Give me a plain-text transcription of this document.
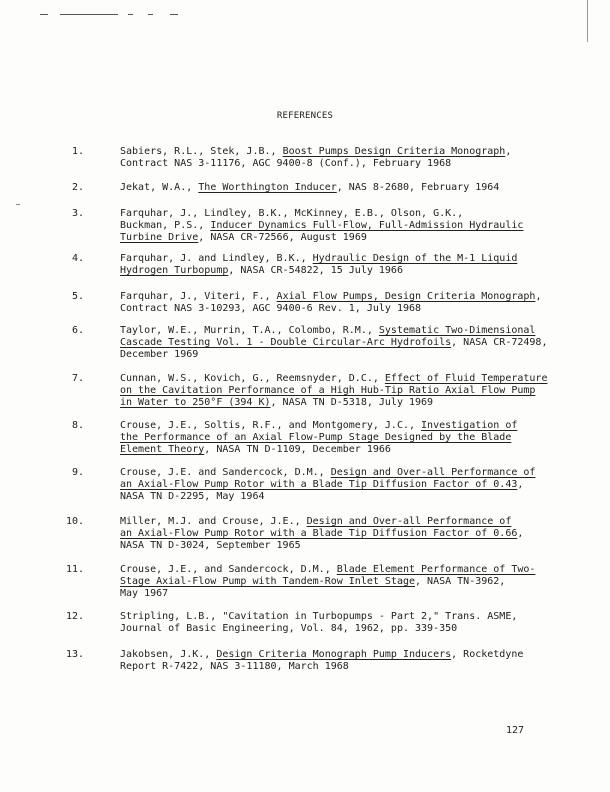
REFERENCES
1.	Sabiers, R.L., Stek, J.B., Boost Pumps Design Criteria Monograph,
Contract NAS 3-11176, AGC 9400-8 (Conf.), February 1968
2.	Jekat, W.A., The Worthington Inducer, NAS 8-2680, February 1964
3.	Farquhar, J., Lindley, B.K., McKinney, E.B., Olson, G.K.,
Buckman, P.S., Inducer Dynamics Full-Flow, Full-Admission Hydraulic
Turbine Drive, NASA CR-72566, August 1969
4.	Farquhar, J. and Lindley, B.K., Hydraulic Design of the M-1 Liquid
Hydrogen Turbopump, NASA CR-54822, 15 July 1966
5.	Farquhar, J., Viteri, F., Axial Flow Pumps, Design Criteria Monograph,
Contract NAS 3-10293, AGC 9400-6 Rev. 1, July 1968
6.	Taylor, W.E., Murrin, T.A., Colombo, R.M., Systematic Two-Dimensional
Cascade Testing Vol. 1 - Double Circular-Arc Hydrofoils, NASA CR-72498,
December 1969
7.	Cunnan, W.S., Kovich, G., Reemsnyder, D.C., Effect of Fluid Temperature
on the Cavitation Performance of a High Hub-Tip Ratio Axial Flow Pump
in Water to 250°F (394 K), NASA TN D-5318, July 1969
8.	Crouse, J.E., Soltis, R.F., and Montgomery, J.C., Investigation of
the Performance of an Axial Flow-Pump Stage Designed by the Blade
Element Theory, NASA TN D-1109, December 1966
9.	Crouse, J.E. and Sandercock, D.M., Design and Over-all Performance of
an Axial-Flow Pump Rotor with a Blade Tip Diffusion Factor of 0.43,
NASA TN D-2295, May 1964
10.	Miller, M.J. and Crouse, J.E., Design and Over-all Performance of
an Axial-Flow Pump Rotor with a Blade Tip Diffusion Factor of 0.66,
NASA TN D-3024, September 1965
11.	Crouse, J.E., and Sandercock, D.M., Blade Element Performance of Two-
Stage Axial-Flow Pump with Tandem-Row Inlet Stage, NASA TN-3962,
May 1967
12.	Stripling, L.B., "Cavitation in Turbopumps - Part 2," Trans. ASME,
Journal of Basic Engineering, Vol. 84, 1962, pp. 339-350
13.	Jakobsen, J.K., Design Criteria Monograph Pump Inducers, Rocketdyne
Report R-7422, NAS 3-11180, March 1968
127
